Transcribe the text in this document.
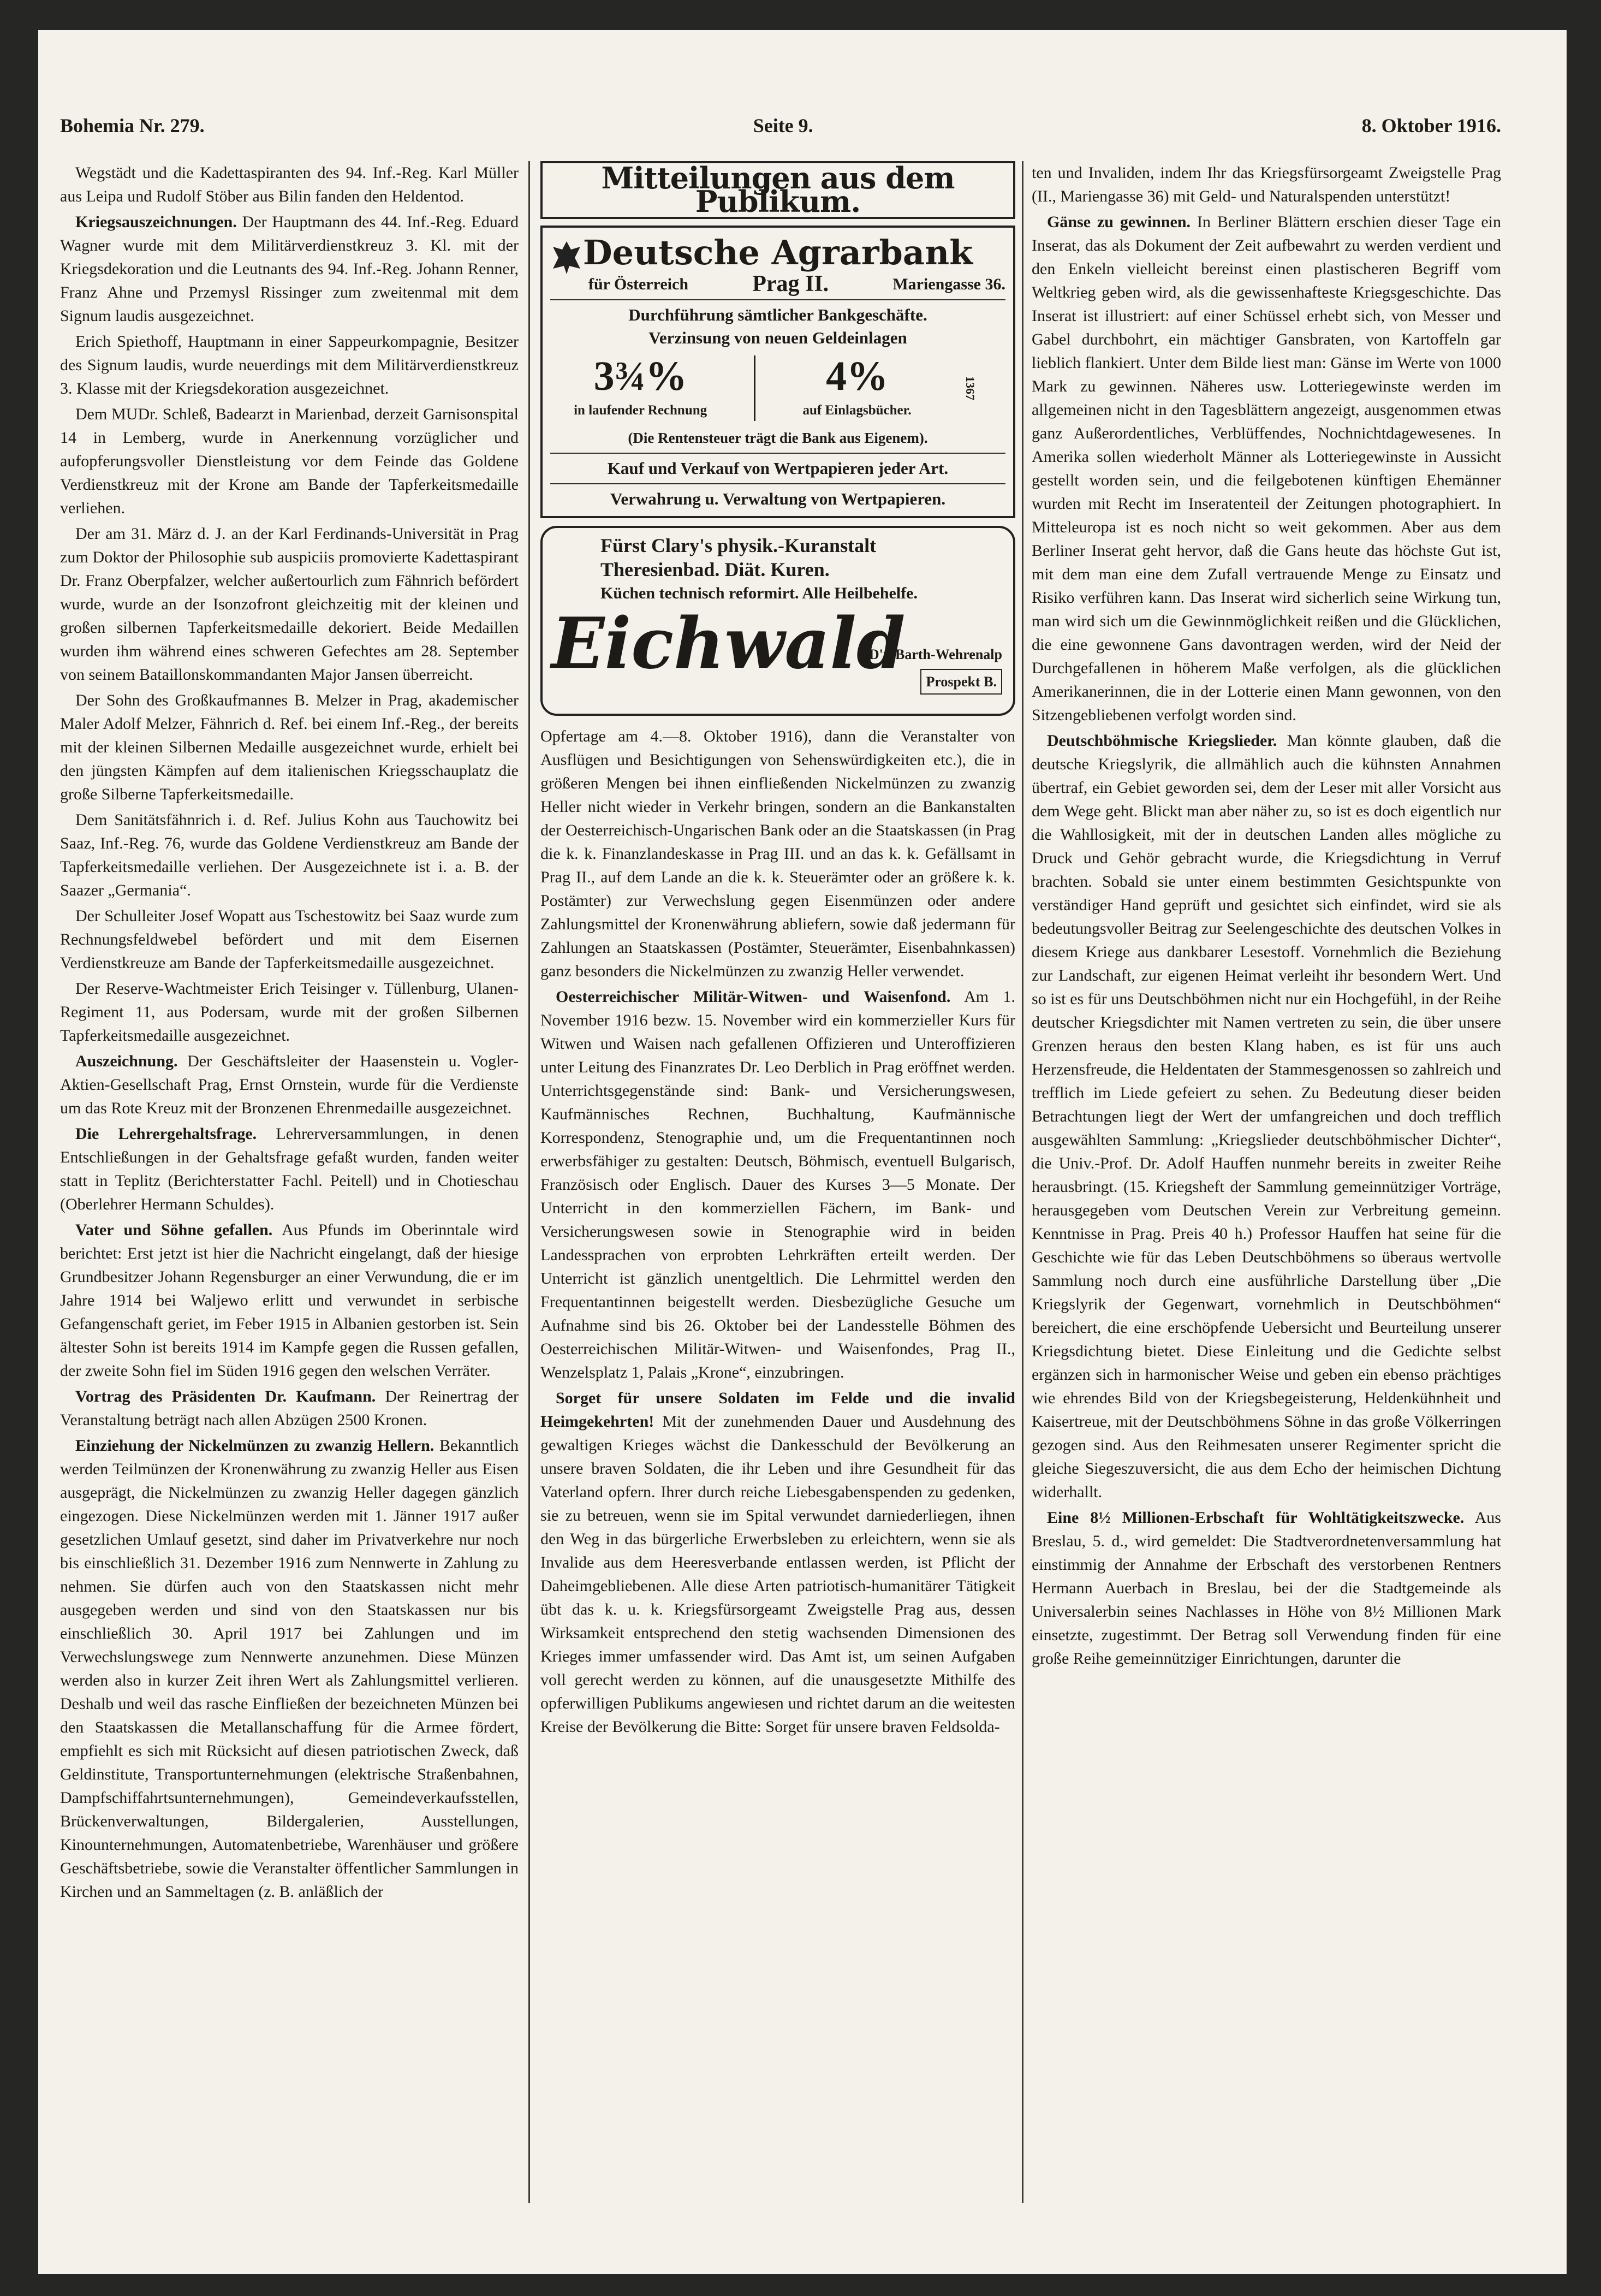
Bohemia Nr. 279.	Seite 9.	8. Oktober 1916.

Wegstädt und die Kadettaspiranten des 94. Inf.-Reg. Karl Müller aus Leipa und Rudolf Stöber aus Bilin fanden den Heldentod.

Kriegsauszeichnungen. Der Hauptmann des 44. Inf.-Reg. Eduard Wagner wurde mit dem Militärverdienstkreuz 3. Kl. mit der Kriegsdekoration und die Leutnants des 94. Inf.-Reg. Johann Renner, Franz Ahne und Przemysl Rissinger zum zweitenmal mit dem Signum laudis ausgezeichnet.

Erich Spiethoff, Hauptmann in einer Sappeurkompagnie, Besitzer des Signum laudis, wurde neuerdings mit dem Militärverdienstkreuz 3. Klasse mit der Kriegsdekoration ausgezeichnet.

Dem MUDr. Schleß, Badearzt in Marienbad, derzeit Garnisonspital 14 in Lemberg, wurde in Anerkennung vorzüglicher und aufopferungsvoller Dienstleistung vor dem Feinde das Goldene Verdienstkreuz mit der Krone am Bande der Tapferkeitsmedaille verliehen.

Der am 31. März d. J. an der Karl Ferdinands-Universität in Prag zum Doktor der Philosophie sub auspiciis promovierte Kadettaspirant Dr. Franz Oberpfalzer, welcher außertourlich zum Fähnrich befördert wurde, wurde an der Isonzofront gleichzeitig mit der kleinen und großen silbernen Tapferkeitsmedaille dekoriert. Beide Medaillen wurden ihm während eines schweren Gefechtes am 28. September von seinem Bataillonskommandanten Major Jansen überreicht.

Der Sohn des Großkaufmannes B. Melzer in Prag, akademischer Maler Adolf Melzer, Fähnrich d. Ref. bei einem Inf.-Reg., der bereits mit der kleinen Silbernen Medaille ausgezeichnet wurde, erhielt bei den jüngsten Kämpfen auf dem italienischen Kriegsschauplatz die große Silberne Tapferkeitsmedaille.

Dem Sanitätsfähnrich i. d. Ref. Julius Kohn aus Tauchowitz bei Saaz, Inf.-Reg. 76, wurde das Goldene Verdienstkreuz am Bande der Tapferkeitsmedaille verliehen. Der Ausgezeichnete ist i. a. B. der Saazer „Germania“.

Der Schulleiter Josef Wopatt aus Tschestowitz bei Saaz wurde zum Rechnungsfeldwebel befördert und mit dem Eisernen Verdienstkreuze am Bande der Tapferkeitsmedaille ausgezeichnet.

Der Reserve-Wachtmeister Erich Teisinger v. Tüllenburg, Ulanen-Regiment 11, aus Podersam, wurde mit der großen Silbernen Tapferkeitsmedaille ausgezeichnet.

Auszeichnung. Der Geschäftsleiter der Haasenstein u. Vogler-Aktien-Gesellschaft Prag, Ernst Ornstein, wurde für die Verdienste um das Rote Kreuz mit der Bronzenen Ehrenmedaille ausgezeichnet.

Die Lehrergehaltsfrage. Lehrerversammlungen, in denen Entschließungen in der Gehaltsfrage gefaßt wurden, fanden weiter statt in Teplitz (Berichterstatter Fachl. Peitell) und in Chotieschau (Oberlehrer Hermann Schuldes).

Vater und Söhne gefallen. Aus Pfunds im Oberinntale wird berichtet: Erst jetzt ist hier die Nachricht eingelangt, daß der hiesige Grundbesitzer Johann Regensburger an einer Verwundung, die er im Jahre 1914 bei Waljewo erlitt und verwundet in serbische Gefangenschaft geriet, im Feber 1915 in Albanien gestorben ist. Sein ältester Sohn ist bereits 1914 im Kampfe gegen die Russen gefallen, der zweite Sohn fiel im Süden 1916 gegen den welschen Verräter.

Vortrag des Präsidenten Dr. Kaufmann. Der Reinertrag der Veranstaltung beträgt nach allen Abzügen 2500 Kronen.

Einziehung der Nickelmünzen zu zwanzig Hellern. Bekanntlich werden Teilmünzen der Kronenwährung zu zwanzig Heller aus Eisen ausgeprägt, die Nickelmünzen zu zwanzig Heller dagegen gänzlich eingezogen. Diese Nickelmünzen werden mit 1. Jänner 1917 außer gesetzlichen Umlauf gesetzt, sind daher im Privatverkehre nur noch bis einschließlich 31. Dezember 1916 zum Nennwerte in Zahlung zu nehmen. Sie dürfen auch von den Staatskassen nicht mehr ausgegeben werden und sind von den Staatskassen nur bis einschließlich 30. April 1917 bei Zahlungen und im Verwechslungswege zum Nennwerte anzunehmen. Diese Münzen werden also in kurzer Zeit ihren Wert als Zahlungsmittel verlieren. Deshalb und weil das rasche Einfließen der bezeichneten Münzen bei den Staatskassen die Metallanschaffung für die Armee fördert, empfiehlt es sich mit Rücksicht auf diesen patriotischen Zweck, daß Geldinstitute, Transportunternehmungen (elektrische Straßenbahnen, Dampfschiffahrtsunternehmungen), Gemeindeverkaufsstellen, Brückenverwaltungen, Bildergalerien, Ausstellungen, Kinounternehmungen, Automatenbetriebe, Warenhäuser und größere Geschäftsbetriebe, sowie die Veranstalter öffentlicher Sammlungen in Kirchen und an Sammeltagen (z. B. anläßlich der

Mitteilungen aus dem Publikum.
Deutsche Agrarbank
für Österreich	Prag II.	Mariengasse 36.
Durchführung sämtlicher Bankgeschäfte.
Verzinsung von neuen Geldeinlagen
3¾%
in laufender Rechnung
4%
auf Einlagsbücher.
1367
(Die Rentensteuer trägt die Bank aus Eigenem).
Kauf und Verkauf von Wertpapieren jeder Art.
Verwahrung u. Verwaltung von Wertpapieren.
Fürst Clary's physik.-Kuranstalt
Theresienbad. Diät. Kuren.
Küchen technisch reformirt. Alle Heilbehelfe.
Eichwald
D'r. Barth-Wehrenalp
Prospekt B.

Opfertage am 4.—8. Oktober 1916), dann die Veranstalter von Ausflügen und Besichtigungen von Sehenswürdigkeiten etc.), die in größeren Mengen bei ihnen einfließenden Nickelmünzen zu zwanzig Heller nicht wieder in Verkehr bringen, sondern an die Bankanstalten der Oesterreichisch-Ungarischen Bank oder an die Staatskassen (in Prag die k. k. Finanzlandeskasse in Prag III. und an das k. k. Gefällsamt in Prag II., auf dem Lande an die k. k. Steuerämter oder an größere k. k. Postämter) zur Verwechslung gegen Eisenmünzen oder andere Zahlungsmittel der Kronenwährung abliefern, sowie daß jedermann für Zahlungen an Staatskassen (Postämter, Steuerämter, Eisenbahnkassen) ganz besonders die Nickelmünzen zu zwanzig Heller verwendet.

Oesterreichischer Militär-Witwen- und Waisenfond. Am 1. November 1916 bezw. 15. November wird ein kommerzieller Kurs für Witwen und Waisen nach gefallenen Offizieren und Unteroffizieren unter Leitung des Finanzrates Dr. Leo Derblich in Prag eröffnet werden. Unterrichtsgegenstände sind: Bank- und Versicherungswesen, Kaufmännisches Rechnen, Buchhaltung, Kaufmännische Korrespondenz, Stenographie und, um die Frequentantinnen noch erwerbsfähiger zu gestalten: Deutsch, Böhmisch, eventuell Bulgarisch, Französisch oder Englisch. Dauer des Kurses 3—5 Monate. Der Unterricht in den kommerziellen Fächern, im Bank- und Versicherungswesen sowie in Stenographie wird in beiden Landessprachen von erprobten Lehrkräften erteilt werden. Der Unterricht ist gänzlich unentgeltlich. Die Lehrmittel werden den Frequentantinnen beigestellt werden. Diesbezügliche Gesuche um Aufnahme sind bis 26. Oktober bei der Landesstelle Böhmen des Oesterreichischen Militär-Witwen- und Waisenfondes, Prag II., Wenzelsplatz 1, Palais „Krone“, einzubringen.

Sorget für unsere Soldaten im Felde und die invalid Heimgekehrten! Mit der zunehmenden Dauer und Ausdehnung des gewaltigen Krieges wächst die Dankesschuld der Bevölkerung an unsere braven Soldaten, die ihr Leben und ihre Gesundheit für das Vaterland opfern. Ihrer durch reiche Liebesgabenspenden zu gedenken, sie zu betreuen, wenn sie im Spital verwundet darniederliegen, ihnen den Weg in das bürgerliche Erwerbsleben zu erleichtern, wenn sie als Invalide aus dem Heeresverbande entlassen werden, ist Pflicht der Daheimgebliebenen. Alle diese Arten patriotisch-humanitärer Tätigkeit übt das k. u. k. Kriegsfürsorgeamt Zweigstelle Prag aus, dessen Wirksamkeit entsprechend den stetig wachsenden Dimensionen des Krieges immer umfassender wird. Das Amt ist, um seinen Aufgaben voll gerecht werden zu können, auf die unausgesetzte Mithilfe des opferwilligen Publikums angewiesen und richtet darum an die weitesten Kreise der Bevölkerung die Bitte: Sorget für unsere braven Feldsolda-

ten und Invaliden, indem Ihr das Kriegsfürsorgeamt Zweigstelle Prag (II., Mariengasse 36) mit Geld- und Naturalspenden unterstützt!

Gänse zu gewinnen. In Berliner Blättern erschien dieser Tage ein Inserat, das als Dokument der Zeit aufbewahrt zu werden verdient und den Enkeln vielleicht bereinst einen plastischeren Begriff vom Weltkrieg geben wird, als die gewissenhafteste Kriegsgeschichte. Das Inserat ist illustriert: auf einer Schüssel erhebt sich, von Messer und Gabel durchbohrt, ein mächtiger Gansbraten, von Kartoffeln gar lieblich flankiert. Unter dem Bilde liest man: Gänse im Werte von 1000 Mark zu gewinnen. Näheres usw. Lotteriegewinste werden im allgemeinen nicht in den Tagesblättern angezeigt, ausgenommen etwas ganz Außerordentliches, Verblüffendes, Nochnichtdagewesenes. In Amerika sollen wiederholt Männer als Lotteriegewinste in Aussicht gestellt worden sein, und die feilgebotenen künftigen Ehemänner wurden mit Recht im Inseratenteil der Zeitungen photographiert. In Mitteleuropa ist es noch nicht so weit gekommen. Aber aus dem Berliner Inserat geht hervor, daß die Gans heute das höchste Gut ist, mit dem man eine dem Zufall vertrauende Menge zu Einsatz und Risiko verführen kann. Das Inserat wird sicherlich seine Wirkung tun, man wird sich um die Gewinnmöglichkeit reißen und die Glücklichen, die eine gewonnene Gans davontragen werden, wird der Neid der Durchgefallenen in höherem Maße verfolgen, als die glücklichen Amerikanerinnen, die in der Lotterie einen Mann gewonnen, von den Sitzengebliebenen verfolgt worden sind.

Deutschböhmische Kriegslieder. Man könnte glauben, daß die deutsche Kriegslyrik, die allmählich auch die kühnsten Annahmen übertraf, ein Gebiet geworden sei, dem der Leser mit aller Vorsicht aus dem Wege geht. Blickt man aber näher zu, so ist es doch eigentlich nur die Wahllosigkeit, mit der in deutschen Landen alles mögliche zu Druck und Gehör gebracht wurde, die Kriegsdichtung in Verruf brachten. Sobald sie unter einem bestimmten Gesichtspunkte von verständiger Hand geprüft und gesichtet sich einfindet, wird sie als bedeutungsvoller Beitrag zur Seelengeschichte des deutschen Volkes in diesem Kriege aus dankbarer Lesestoff. Vornehmlich die Beziehung zur Landschaft, zur eigenen Heimat verleiht ihr besondern Wert. Und so ist es für uns Deutschböhmen nicht nur ein Hochgefühl, in der Reihe deutscher Kriegsdichter mit Namen vertreten zu sein, die über unsere Grenzen heraus den besten Klang haben, es ist für uns auch Herzensfreude, die Heldentaten der Stammesgenossen so zahlreich und trefflich im Liede gefeiert zu sehen. Zu Bedeutung dieser beiden Betrachtungen liegt der Wert der umfangreichen und doch trefflich ausgewählten Sammlung: „Kriegslieder deutschböhmischer Dichter“, die Univ.-Prof. Dr. Adolf Hauffen nunmehr bereits in zweiter Reihe herausbringt. (15. Kriegsheft der Sammlung gemeinnütziger Vorträge, herausgegeben vom Deutschen Verein zur Verbreitung gemeinn. Kenntnisse in Prag. Preis 40 h.) Professor Hauffen hat seine für die Geschichte wie für das Leben Deutschböhmens so überaus wertvolle Sammlung noch durch eine ausführliche Darstellung über „Die Kriegslyrik der Gegenwart, vornehmlich in Deutschböhmen“ bereichert, die eine erschöpfende Uebersicht und Beurteilung unserer Kriegsdichtung bietet. Diese Einleitung und die Gedichte selbst ergänzen sich in harmonischer Weise und geben ein ebenso prächtiges wie ehrendes Bild von der Kriegsbegeisterung, Heldenkühnheit und Kaisertreue, mit der Deutschböhmens Söhne in das große Völkerringen gezogen sind. Aus den Reihmesaten unserer Regimenter spricht die gleiche Siegeszuversicht, die aus dem Echo der heimischen Dichtung widerhallt.

Eine 8½ Millionen-Erbschaft für Wohltätigkeitszwecke. Aus Breslau, 5. d., wird gemeldet: Die Stadtverordnetenversammlung hat einstimmig der Annahme der Erbschaft des verstorbenen Rentners Hermann Auerbach in Breslau, bei der die Stadtgemeinde als Universalerbin seines Nachlasses in Höhe von 8½ Millionen Mark einsetzte, zugestimmt. Der Betrag soll Verwendung finden für eine große Reihe gemeinnütziger Einrichtungen, darunter die
